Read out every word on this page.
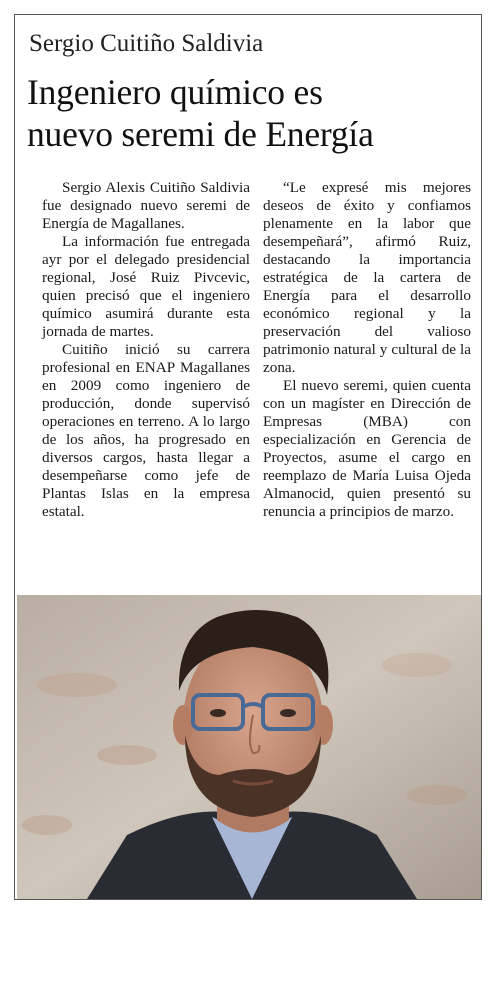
Sergio Cuitiño Saldivia
Ingeniero químico es
nuevo seremi de Energía

Sergio Alexis Cuitiño Saldivia fue designado nuevo seremi de Energía de Magallanes.

La información fue entregada ayr por el delegado presidencial regional, José Ruiz Pivcevic, quien precisó que el ingeniero químico asumirá durante esta jornada de martes.

Cuitiño inició su carrera profesional en ENAP Magallanes en 2009 como ingeniero de producción, donde supervisó operaciones en terreno. A lo largo de los años, ha progresado en diversos cargos, hasta llegar a desempeñarse como jefe de Plantas Islas en la empresa estatal.

“Le expresé mis mejores deseos de éxito y confiamos plenamente en la labor que desempeñará”, afirmó Ruiz, destacando la importancia estratégica de la cartera de Energía para el desarrollo económico regional y la preservación del valioso patrimonio natural y cultural de la zona.

El nuevo seremi, quien cuenta con un magíster en Dirección de Empresas (MBA) con especialización en Gerencia de Proyectos, asume el cargo en reemplazo de María Luisa Ojeda Almanocid, quien presentó su renuncia a principios de marzo.
